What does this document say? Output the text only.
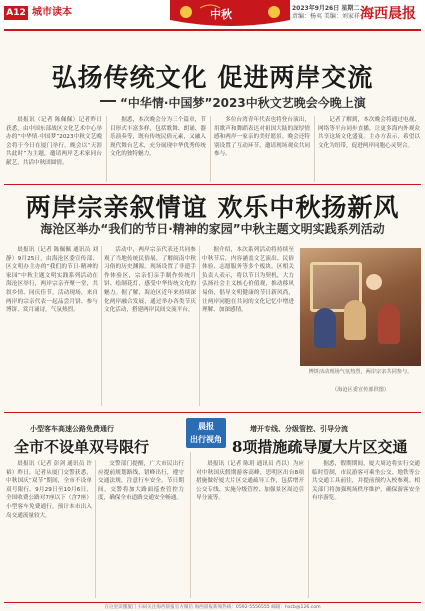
A12 城市读本	中秋	2023年9月26日 星期二
责编：杨夷 美编：刘家祥 海西晨报
弘扬传统文化 促进两岸交流
“中华情·中国梦”2023中秋文艺晚会今晚上演

晨报讯（记者 陈佩佩）记者昨日获悉，由中国东部战区文化艺术中心举办的“中华情·中国梦”2023中秋文艺晚会将于今日在厦门举行。晚会以“天涯共此时”为主题，邀请两岸艺术家同台献艺，共话中秋团圆情。

据悉，本次晚会分为三个篇章，节目形式丰富多样，包括歌舞、朗诵、器乐演奏等，既有传统民俗元素，又融入现代舞台艺术，充分展现中华优秀传统文化的独特魅力。

多位台湾青年代表也将登台演出，用歌声和舞蹈表达对祖国大陆的深厚情感和两岸一家亲的美好愿景。晚会还特别设置了互动环节，邀请现场观众共同参与。

记者了解到，本次晚会将通过电视、网络等平台同步直播，让更多海内外观众共享这场文化盛宴。主办方表示，希望以文化为纽带，促进两岸同胞心灵契合。

两岸宗亲叙情谊 欢乐中秋扬新风
海沧区举办“我们的节日·精神的家园”中秋主题文明实践系列活动

晨报讯（记者 陈佩佩 通讯员 刘静）9月25日，由海沧区委宣传部、区文明办主办的“我们的节日·精神的家园”中秋主题文明实践系列活动在海沧区举行，两岸宗亲齐聚一堂，共叙乡情、同庆佳节。活动现场，来自两岸的宗亲代表一起品尝月饼、参与博饼、赏月诵诗，气氛热烈。

活动中，两岸宗亲代表还共同参观了当地传统民俗展，了解闽南中秋习俗的历史渊源。现场设置了非遗手作体验区，宗亲们亲手制作传统月饼、绘制花灯，感受中华传统文化的魅力。据了解，海沧区近年来持续深化两岸融合发展，通过举办各类节庆文化活动，搭建两岸民间交流平台。

据介绍，本次系列活动将持续至中秋节后，内容涵盖文艺演出、民俗体验、志愿服务等多个板块。区相关负责人表示，将以节日为契机，大力弘扬社会主义核心价值观，推动移风易俗，倡导文明健康的节日新风尚，让两岸同胞在共同的文化记忆中增进理解、加深感情。

博饼活动现场气氛热烈，两岸宗亲共同参与。
（海沧区委宣传部供图）
晨报
出行视角
小型客车高速公路免费通行
全市不设单双号限行

晨报讯（记者 彭剑 通讯员 许裕）昨日，记者从厦门交警获悉，中秋国庆“双节”期间，全市不设单双号限行。9月29日至10月6日，全国收费公路对7座以下（含7座）小型客车免费通行，预计本市出入岛交通流量较大。

交警部门提醒，广大市民出行应提前规划路线，错峰出行，遵守交通法规，注意行车安全。节日期间，交警将加大路面巡查管控力度，确保全市道路交通安全畅通。

增开专线、分级管控、引导分流
8项措施疏导厦大片区交通

晨报讯（记者 陈玥 通讯员 肖以）为应对中秋国庆假期游客高峰，思明区出台8项措施做好厦大片区交通疏导工作，包括增开公交专线、实施分级管控、加强景区周边引导分流等。

据悉，假期期间，厦大周边将实行交通临时管制，市民游客可乘坐公交、地铁等公共交通工具前往，并提前预约入校参观。相关部门将加强现场秩序维护，确保游客安全有序游览。

在这里读懂厦门 扫码关注海西晨报官方微信 海西晨报新闻热线：0592-5556555 邮箱：hxcb@126.com
